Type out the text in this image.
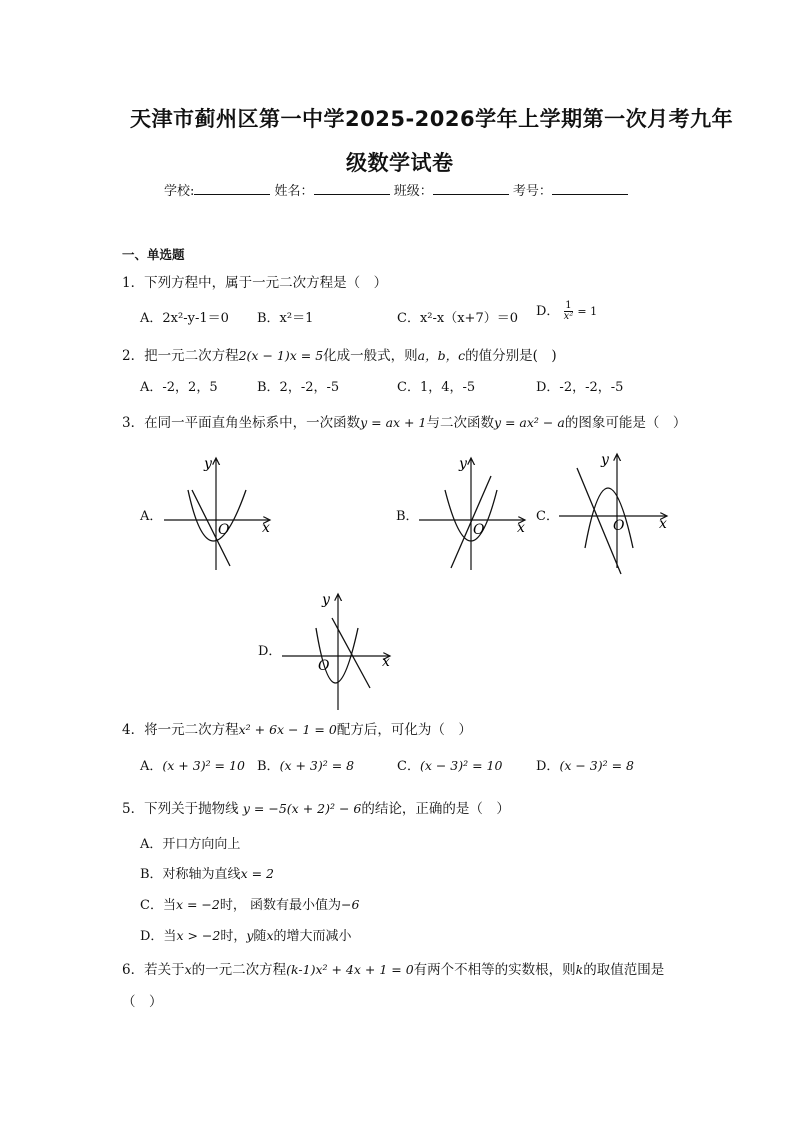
天津市蓟州区第一中学2025-2026学年上学期第一次月考九年
级数学试卷
学校:	姓名：	班级：	考号：
一、单选题
1．下列方程中，属于一元二次方程是（　）
A．2x²-y-1＝0 B．x²＝1	C．x²-x（x+7）＝0 D． $\frac{1}{\text{x²}} = 1$
2．把一元二次方程2(x − 1)x = 5化成一般式，则a，b，c的值分别是(　)
A．-2，2，5	B．2，-2，-5	C．1，4，-5	D．-2，-2，-5
3．在同一平面直角坐标系中，一次函数y = ax + 1与二次函数y = ax² − a的图象可能是（　）
A．	B．	C．
D．
x
y
O	x
y
O	x
y
O
x
y
O
4．将一元二次方程x² + 6x − 1 = 0配方后，可化为（　）
A．(x + 3)² = 10 B．(x + 3)² = 8	C．(x − 3)² = 10	D．(x − 3)² = 8
5．下列关于抛物线 y = −5(x + 2)² − 6的结论，正确的是（　）
A．开口方向向上
B．对称轴为直线x = 2
C．当x = −2时， 函数有最小值为−6
D．当x > −2时，y随x的增大而减小
6．若关于x的一元二次方程(k-1)x² + 4x + 1 = 0有两个不相等的实数根，则k的取值范围是
（　）
